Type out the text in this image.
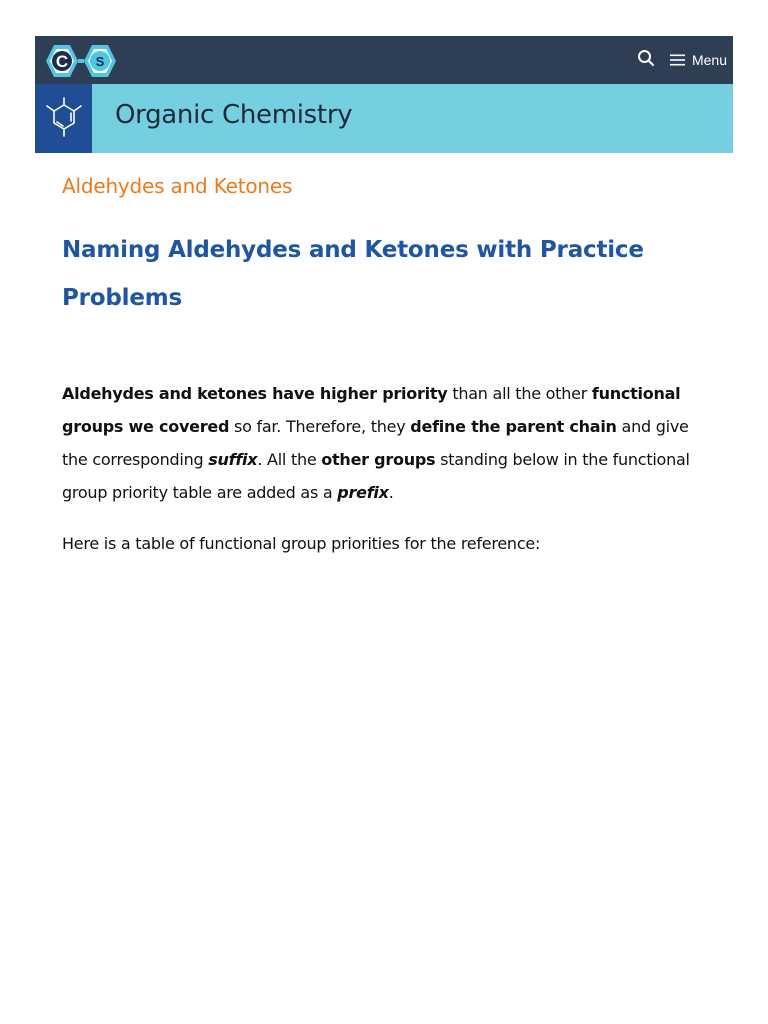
C S	Menu
Organic Chemistry
Aldehydes and Ketones
Naming Aldehydes and Ketones with Practice Problems

Aldehydes and ketones have higher priority than all the other functional groups we covered so far. Therefore, they define the parent chain and give the corresponding suffix. All the other groups standing below in the functional group priority table are added as a prefix.

Here is a table of functional group priorities for the reference:
